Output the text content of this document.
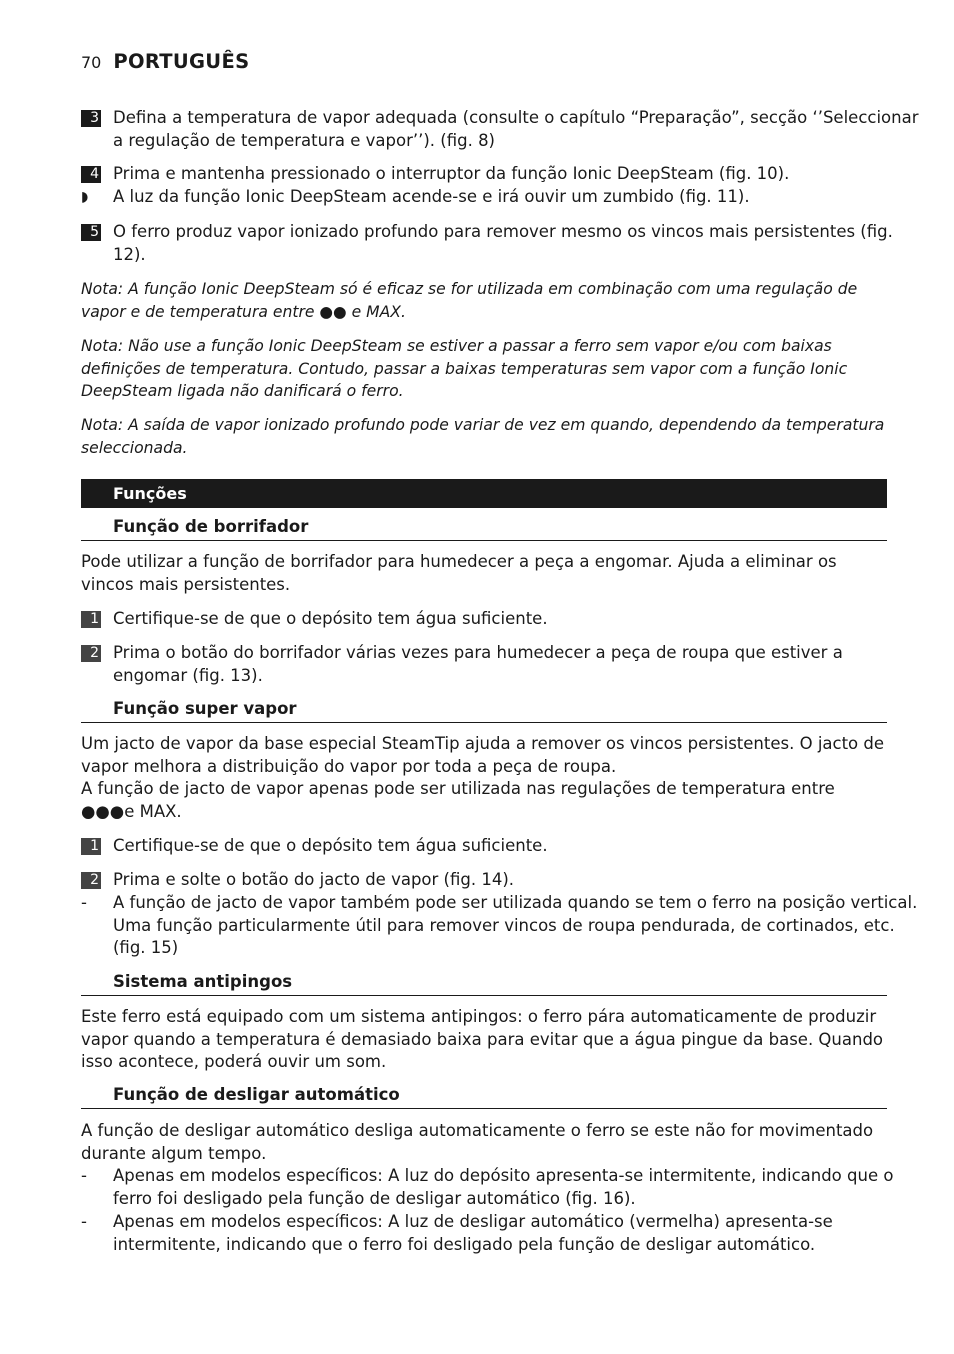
70 PORTUGUÊS
3 Defina a temperatura de vapor adequada (consulte o capítulo “Preparação”, secção ‘’Seleccionar a regulação de temperatura e vapor’’). (fig. 8)
4 Prima e mantenha pressionado o interruptor da função Ionic DeepSteam (fig. 10).
◗ A luz da função Ionic DeepSteam acende-se e irá ouvir um zumbido (fig. 11).
5 O ferro produz vapor ionizado profundo para remover mesmo os vincos mais persistentes (fig. 12).
Nota: A função Ionic DeepSteam só é eficaz se for utilizada em combinação com uma regulação de vapor e de temperatura entre ●● e MAX.
Nota: Não use a função Ionic DeepSteam se estiver a passar a ferro sem vapor e/ou com baixas definições de temperatura. Contudo, passar a baixas temperaturas sem vapor com a função Ionic DeepSteam ligada não danificará o ferro.
Nota: A saída de vapor ionizado profundo pode variar de vez em quando, dependendo da temperatura seleccionada.
Funções
Função de borrifador
Pode utilizar a função de borrifador para humedecer a peça a engomar. Ajuda a eliminar os vincos mais persistentes.
1 Certifique-se de que o depósito tem água suficiente.
2 Prima o botão do borrifador várias vezes para humedecer a peça de roupa que estiver a engomar (fig. 13).
Função super vapor
Um jacto de vapor da base especial SteamTip ajuda a remover os vincos persistentes. O jacto de vapor melhora a distribuição do vapor por toda a peça de roupa.
A função de jacto de vapor apenas pode ser utilizada nas regulações de temperatura entre ●●●e MAX.
1 Certifique-se de que o depósito tem água suficiente.
2 Prima e solte o botão do jacto de vapor (fig. 14).
- A função de jacto de vapor também pode ser utilizada quando se tem o ferro na posição vertical. Uma função particularmente útil para remover vincos de roupa pendurada, de cortinados, etc. (fig. 15)
Sistema antipingos
Este ferro está equipado com um sistema antipingos: o ferro pára automaticamente de produzir vapor quando a temperatura é demasiado baixa para evitar que a água pingue da base. Quando isso acontece, poderá ouvir um som.
Função de desligar automático
A função de desligar automático desliga automaticamente o ferro se este não for movimentado durante algum tempo.
- Apenas em modelos específicos: A luz do depósito apresenta-se intermitente, indicando que o ferro foi desligado pela função de desligar automático (fig. 16).
- Apenas em modelos específicos: A luz de desligar automático (vermelha) apresenta-se intermitente, indicando que o ferro foi desligado pela função de desligar automático.
